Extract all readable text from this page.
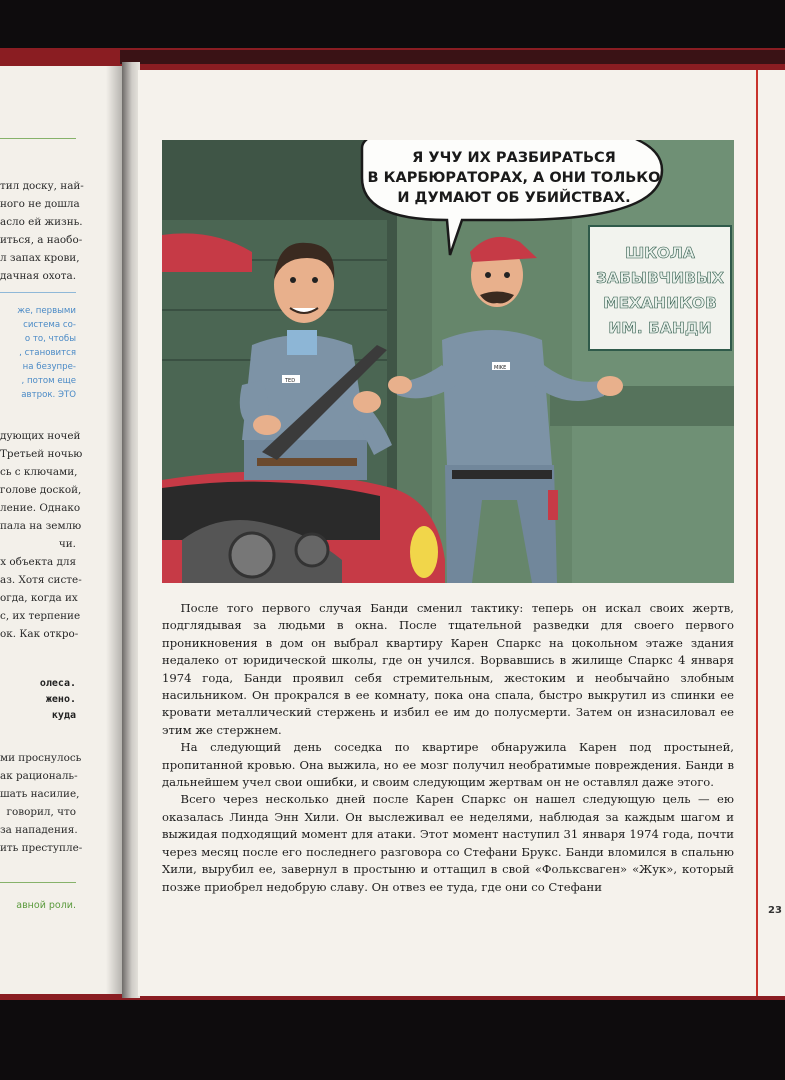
тил доску, най-
ного не дошла
асло ей жизнь.
иться, а наобо-
л запах крови,
дачная охота.
же, первыми
система со-
о то, чтобы
, становится
на безупре-
, потом еще
автрок. ЭТО
дующих ночей
Третьей ночью
сь с ключами,
голове доской,
ление. Однако
пала на землю
чи.
х объекта для
аз. Хотя систе-
огда, когда их
с, их терпение
ок. Как откро-
олеса.
жено.
куда
ми проснулось
ак рациональ-
шать насилие,
говорил, что
за нападения.
ить преступле-
авной роли.
TED
MIKE
ШКОЛА
ЗАБЫВЧИВЫХ
МЕХАНИКОВ
ИМ. БАНДИ
Я УЧУ ИХ РАЗБИРАТЬСЯ
В КАРБЮРАТОРАХ, А ОНИ ТОЛЬКО
И ДУМАЮТ ОБ УБИЙСТВАХ.

После того первого случая Банди сменил тактику: теперь он искал своих жертв, подглядывая за людьми в окна. После тщательной разведки для своего первого проникновения в дом он выбрал квартиру Карен Спаркс на цокольном этаже здания недалеко от юридической школы, где он учился. Ворвавшись в жилище Спаркс 4 января 1974 года, Банди проявил себя стремительным, жестоким и необычайно злобным насильником. Он прокрался в ее комнату, пока она спала, быстро выкрутил из спинки ее кровати металлический стержень и избил ее им до полусмерти. Затем он изнасиловал ее этим же стержнем.

На следующий день соседка по квартире обнаружила Карен под простыней, пропитанной кровью. Она выжила, но ее мозг получил необратимые повреждения. Банди в дальнейшем учел свои ошибки, и своим следующим жертвам он не оставлял даже этого.

Всего через несколько дней после Карен Спаркс он нашел следующую цель — ею оказалась Линда Энн Хили. Он выслеживал ее неделями, наблюдая за каждым шагом и выжидая подходящий момент для атаки. Этот момент наступил 31 января 1974 года, почти через месяц после его последнего разговора со Стефани Брукс. Банди вломился в спальню Хили, вырубил ее, завернул в простыню и оттащил в свой «Фольксваген» «Жук», который позже приобрел недобрую славу. Он отвез ее туда, где они со Стефани

23
